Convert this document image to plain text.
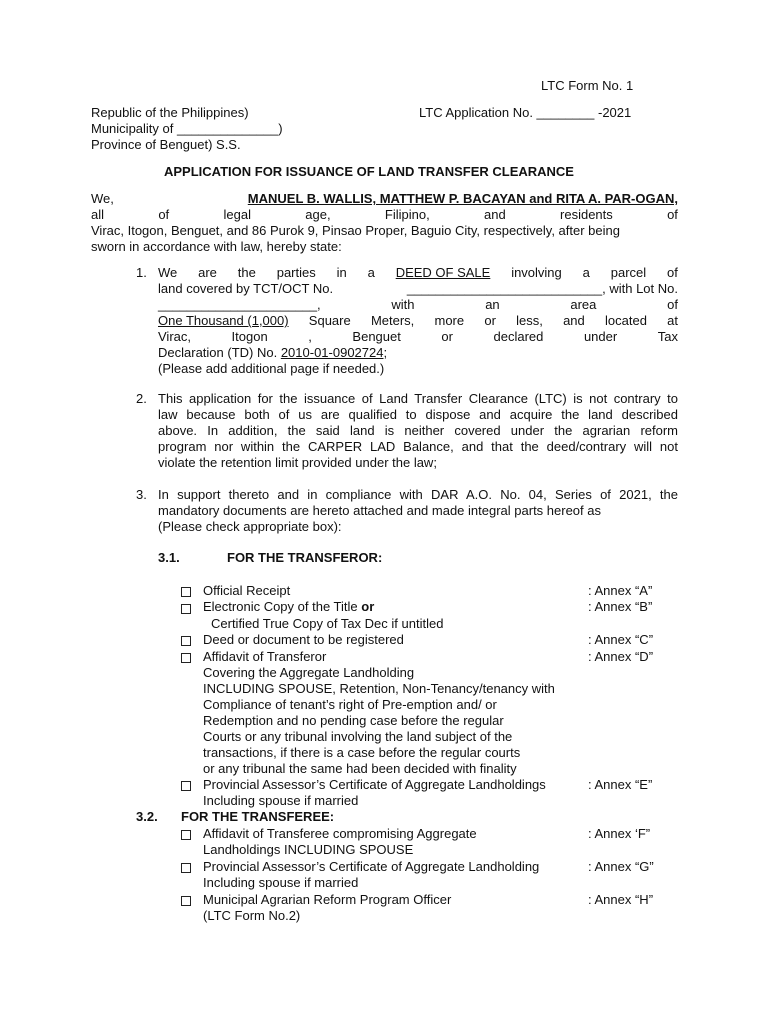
LTC Form No. 1
Republic of the Philippines)	LTC Application No. ________ -2021
Municipality of ______________)
Province of Benguet) S.S.
APPLICATION FOR ISSUANCE OF LAND TRANSFER CLEARANCE
We,	MANUEL B. WALLIS, MATTHEW P. BACAYAN and RITA A. PAR-OGAN,
all	of	legal	age,	Filipino,	and	residents	of
Virac, Itogon, Benguet, and 86 Purok 9, Pinsao Proper, Baguio City, respectively, after being
sworn in accordance with law, hereby state:
1. We are the parties in a DEED OF SALE involving a parcel of
land covered by TCT/OCT No.	___________________________, with Lot No.
______________________,	with	an	area	of
One Thousand (1,000) Square Meters, more or less, and located at
Virac,	Itogon	,	Benguet	or	declared	under	Tax
Declaration (TD) No. 2010-01-0902724;
(Please add additional page if needed.)
2. This application for the issuance of Land Transfer Clearance (LTC) is not contrary to
law because both of us are qualified to dispose and acquire the land described
above. In addition, the said land is neither covered under the agrarian reform
program nor within the CARPER LAD Balance, and that the deed/contrary will not
violate the retention limit provided under the law;
3. In support thereto and in compliance with DAR A.O. No. 04, Series of 2021, the
mandatory documents are hereto attached and made integral parts hereof as
(Please check appropriate box):
3.1.	FOR THE TRANSFEROR:
Official Receipt	: Annex “A”
Electronic Copy of the Title or	: Annex “B”
Certified True Copy of Tax Dec if untitled
Deed or document to be registered	: Annex “C”
Affidavit of Transferor	: Annex “D”
Covering the Aggregate Landholding
INCLUDING SPOUSE, Retention, Non-Tenancy/tenancy with
Compliance of tenant’s right of Pre-emption and/ or
Redemption and no pending case before the regular
Courts or any tribunal involving the land subject of the
transactions, if there is a case before the regular courts
or any tribunal the same had been decided with finality
Provincial Assessor’s Certificate of Aggregate Landholdings	: Annex “E”
Including spouse if married
3.2. FOR THE TRANSFEREE:
Affidavit of Transferee compromising Aggregate	: Annex ‘F”
Landholdings INCLUDING SPOUSE
Provincial Assessor’s Certificate of Aggregate Landholding	: Annex “G”
Including spouse if married
Municipal Agrarian Reform Program Officer	: Annex “H”
(LTC Form No.2)
